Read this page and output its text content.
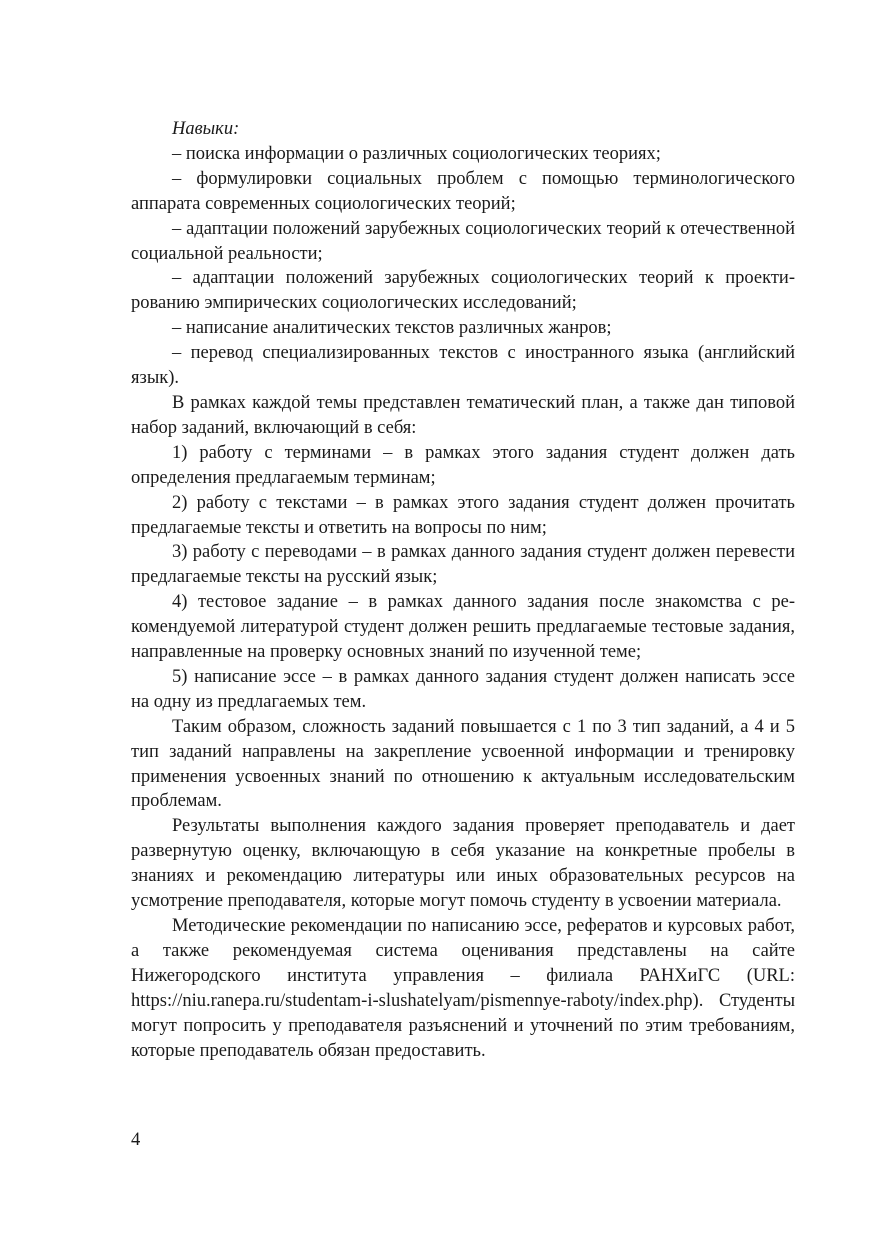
Навыки:

– поиска информации о различных социологических теориях;

– формулировки социальных проблем с помощью терминологического аппарата современных социологических теорий;

– адаптации положений зарубежных социологических теорий к отечественной социальной реальности;

– адаптации положений зарубежных социологических теорий к проектированию эмпирических социологических исследований;

– написание аналитических текстов различных жанров;

– перевод специализированных текстов с иностранного языка (английский язык).

В рамках каждой темы представлен тематический план, а также дан типовой набор заданий, включающий в себя:

1) работу с терминами – в рамках этого задания студент должен дать определения предлагаемым терминам;

2) работу с текстами – в рамках этого задания студент должен прочитать предлагаемые тексты и ответить на вопросы по ним;

3) работу с переводами – в рамках данного задания студент должен перевести предлагаемые тексты на русский язык;

4) тестовое задание – в рамках данного задания после знакомства с рекомендуемой литературой студент должен решить предлагаемые тестовые задания, направленные на проверку основных знаний по изученной теме;

5) написание эссе – в рамках данного задания студент должен написать эссе на одну из предлагаемых тем.

Таким образом, сложность заданий повышается с 1 по 3 тип заданий, а 4 и 5 тип заданий направлены на закрепление усвоенной информации и тренировку применения усвоенных знаний по отношению к актуальным исследовательским проблемам.

Результаты выполнения каждого задания проверяет преподаватель и дает развернутую оценку, включающую в себя указание на конкретные пробелы в знаниях и рекомендацию литературы или иных образовательных ресурсов на усмотрение преподавателя, которые могут помочь студенту в усвоении материала.

Методические рекомендации по написанию эссе, рефератов и курсовых работ, а также рекомендуемая система оценивания представлены на сайте Нижегородского института управления – филиала РАНХиГС (URL: https://niu.ranepa.ru/studentam-i-slushatelyam/pismennye-raboty/index.php). Студенты могут попросить у преподавателя разъяснений и уточнений по этим требованиям, которые преподаватель обязан предоставить.

4
